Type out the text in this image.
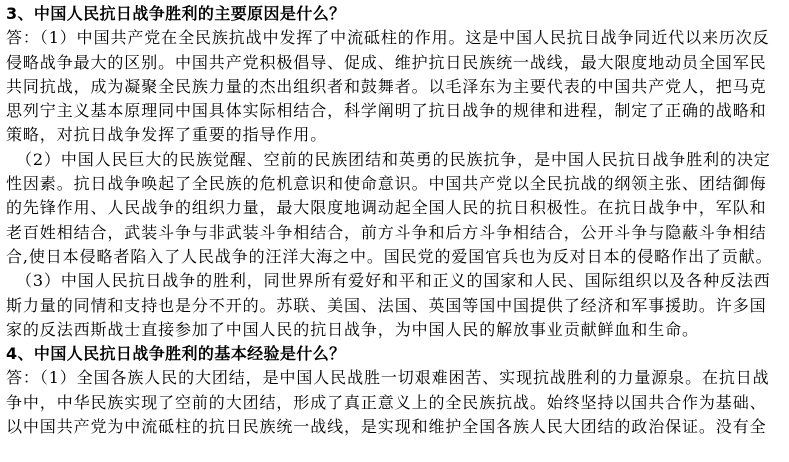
3、中国人民抗日战争胜利的主要原因是什么？
答：（1）中国共产党在全民族抗战中发挥了中流砥柱的作用。这是中国人民抗日战争同近代以来历次反
侵略战争最大的区别。中国共产党积极倡导、促成、维护抗日民族统一战线，最大限度地动员全国军民
共同抗战，成为凝聚全民族力量的杰出组织者和鼓舞者。以毛泽东为主要代表的中国共产党人，把马克
思列宁主义基本原理同中国具体实际相结合，科学阐明了抗日战争的规律和进程，制定了正确的战略和
策略，对抗日战争发挥了重要的指导作用。
（2）中国人民巨大的民族觉醒、空前的民族团结和英勇的民族抗争，是中国人民抗日战争胜利的决定
性因素。抗日战争唤起了全民族的危机意识和使命意识。中国共产党以全民抗战的纲领主张、团结御侮
的先锋作用、人民战争的组织力量，最大限度地调动起全国人民的抗日积极性。在抗日战争中，军队和
老百姓相结合，武装斗争与非武装斗争相结合，前方斗争和后方斗争相结合，公开斗争与隐蔽斗争相结
合,使日本侵略者陷入了人民战争的汪洋大海之中。国民党的爱国官兵也为反对日本的侵略作出了贡献。
（3）中国人民抗日战争的胜利，同世界所有爱好和平和正义的国家和人民、国际组织以及各种反法西
斯力量的同情和支持也是分不开的。苏联、美国、法国、英国等国中国提供了经济和军事援助。许多国
家的反法西斯战士直接参加了中国人民的抗日战争，为中国人民的解放事业贡献鲜血和生命。
4、中国人民抗日战争胜利的基本经验是什么？
答：（1）全国各族人民的大团结，是中国人民战胜一切艰难困苦、实现抗战胜利的力量源泉。在抗日战
争中，中华民族实现了空前的大团结，形成了真正意义上的全民族抗战。始终坚持以国共合作为基础、
以中国共产党为中流砥柱的抗日民族统一战线，是实现和维护全国各族人民大团结的政治保证。没有全
